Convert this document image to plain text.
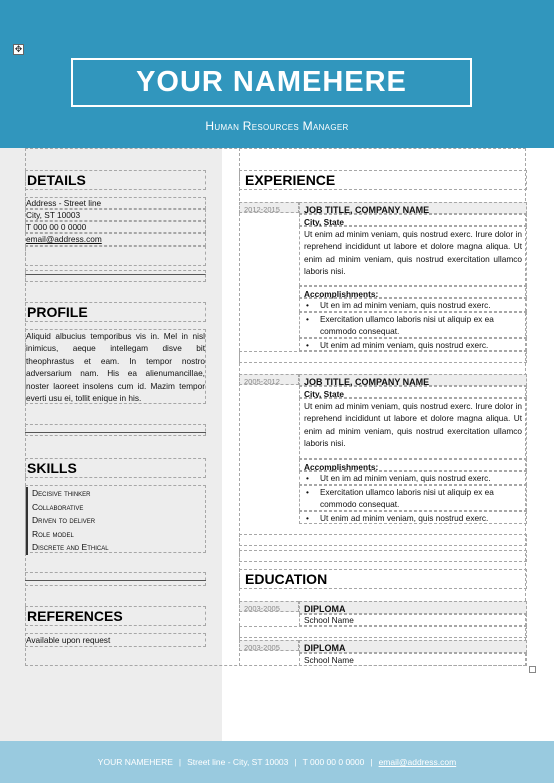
✥
YOUR NAMEHERE
Human Resources Manager
DETAILS
Address - Street line
City, ST 10003
T 000 00 0 0000
email@address.com
PROFILE
Aliquid albucius temporibus vis in. Mel in nisl inimicus, aeque intellegam disve bit theophrastus et eam. In tempor nostro adversarium nam. His ea alienumancillae, noster laoreet insolens cum id. Mazim tempor everti usu ei, tollit enique in his.
SKILLS
Decisive thinker
Collaborative
Driven to deliver
Role model
Discrete and Ethical
REFERENCES
Available upon request
EXPERIENCE
2012-2015	JOB TITLE, COMPANY NAME
City, State
Ut enim ad minim veniam, quis nostrud exerc. Irure dolor in reprehend incididunt ut labore et dolore magna aliqua. Ut enim ad minim veniam, quis nostrud exercitation ullamco laboris nisi.
Accomplishments:
• Ut en im ad minim veniam, quis nostrud exerc.
• Exercitation ullamco laboris nisi ut aliquip ex ea commodo consequat.
• Ut enim ad minim veniam, quis nostrud exerc.
2005-2012	JOB TITLE, COMPANY NAME
City, State
Ut enim ad minim veniam, quis nostrud exerc. Irure dolor in reprehend incididunt ut labore et dolore magna aliqua. Ut enim ad minim veniam, quis nostrud exercitation ullamco laboris nisi.
Accomplishments:
• Ut en im ad minim veniam, quis nostrud exerc.
• Exercitation ullamco laboris nisi ut aliquip ex ea commodo consequat.
• Ut enim ad minim veniam, quis nostrud exerc.
EDUCATION
2003-2005	DIPLOMA
School Name
2003-2005	DIPLOMA
School Name
YOUR NAMEHERE | Street line - City, ST 10003 | T 000 00 0 0000 | email@address.com
